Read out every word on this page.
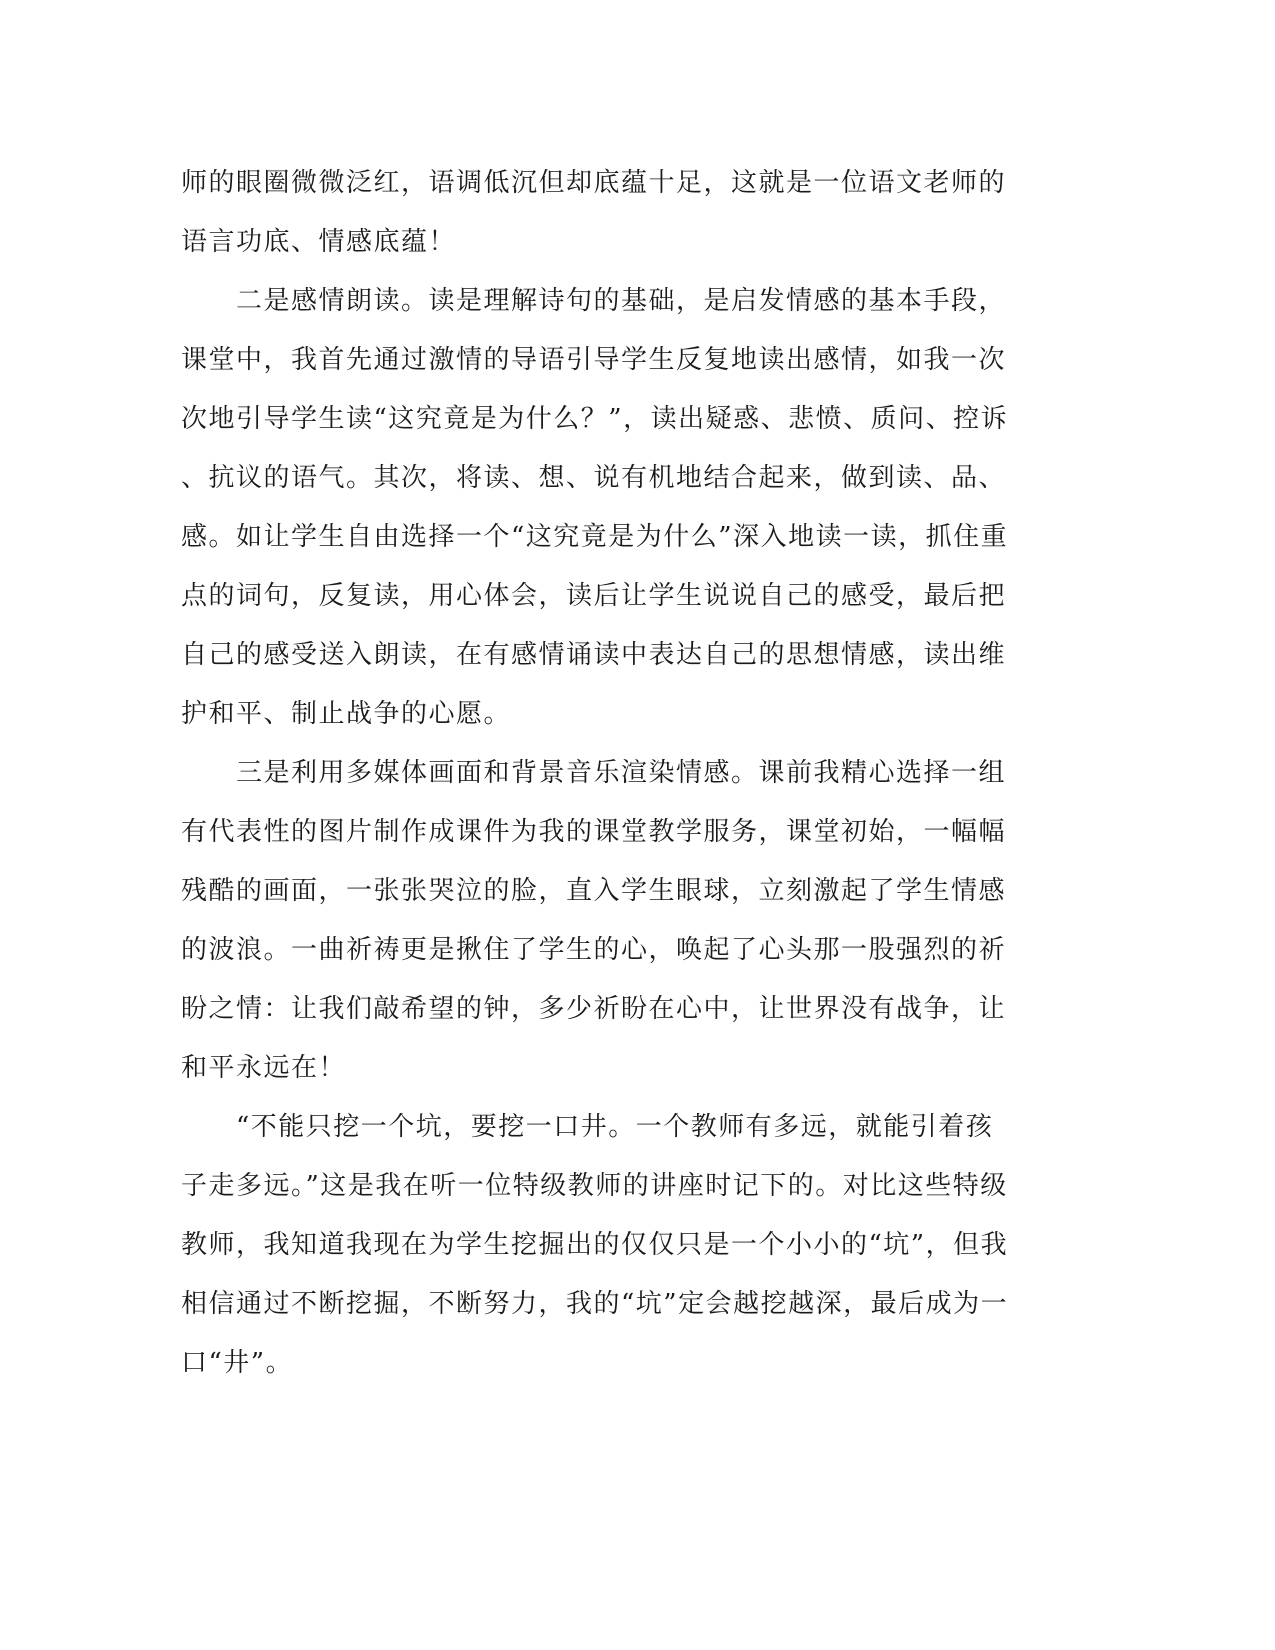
师的眼圈微微泛红，语调低沉但却底蕴十足，这就是一位语文老师的
语言功底、情感底蕴！
　　二是感情朗读。读是理解诗句的基础，是启发情感的基本手段，
课堂中，我首先通过激情的导语引导学生反复地读出感情，如我一次
次地引导学生读“这究竟是为什么？”，读出疑惑、悲愤、质问、控诉
、抗议的语气。其次，将读、想、说有机地结合起来，做到读、品、
感。如让学生自由选择一个“这究竟是为什么”深入地读一读，抓住重
点的词句，反复读，用心体会，读后让学生说说自己的感受，最后把
自己的感受送入朗读，在有感情诵读中表达自己的思想情感，读出维
护和平、制止战争的心愿。
　　三是利用多媒体画面和背景音乐渲染情感。课前我精心选择一组
有代表性的图片制作成课件为我的课堂教学服务，课堂初始，一幅幅
残酷的画面，一张张哭泣的脸，直入学生眼球，立刻激起了学生情感
的波浪。一曲祈祷更是揪住了学生的心，唤起了心头那一股强烈的祈
盼之情：让我们敲希望的钟，多少祈盼在心中，让世界没有战争，让
和平永远在！
　　“不能只挖一个坑，要挖一口井。一个教师有多远，就能引着孩
子走多远。”这是我在听一位特级教师的讲座时记下的。对比这些特级
教师，我知道我现在为学生挖掘出的仅仅只是一个小小的“坑”，但我
相信通过不断挖掘，不断努力，我的“坑”定会越挖越深，最后成为一
口“井”。
